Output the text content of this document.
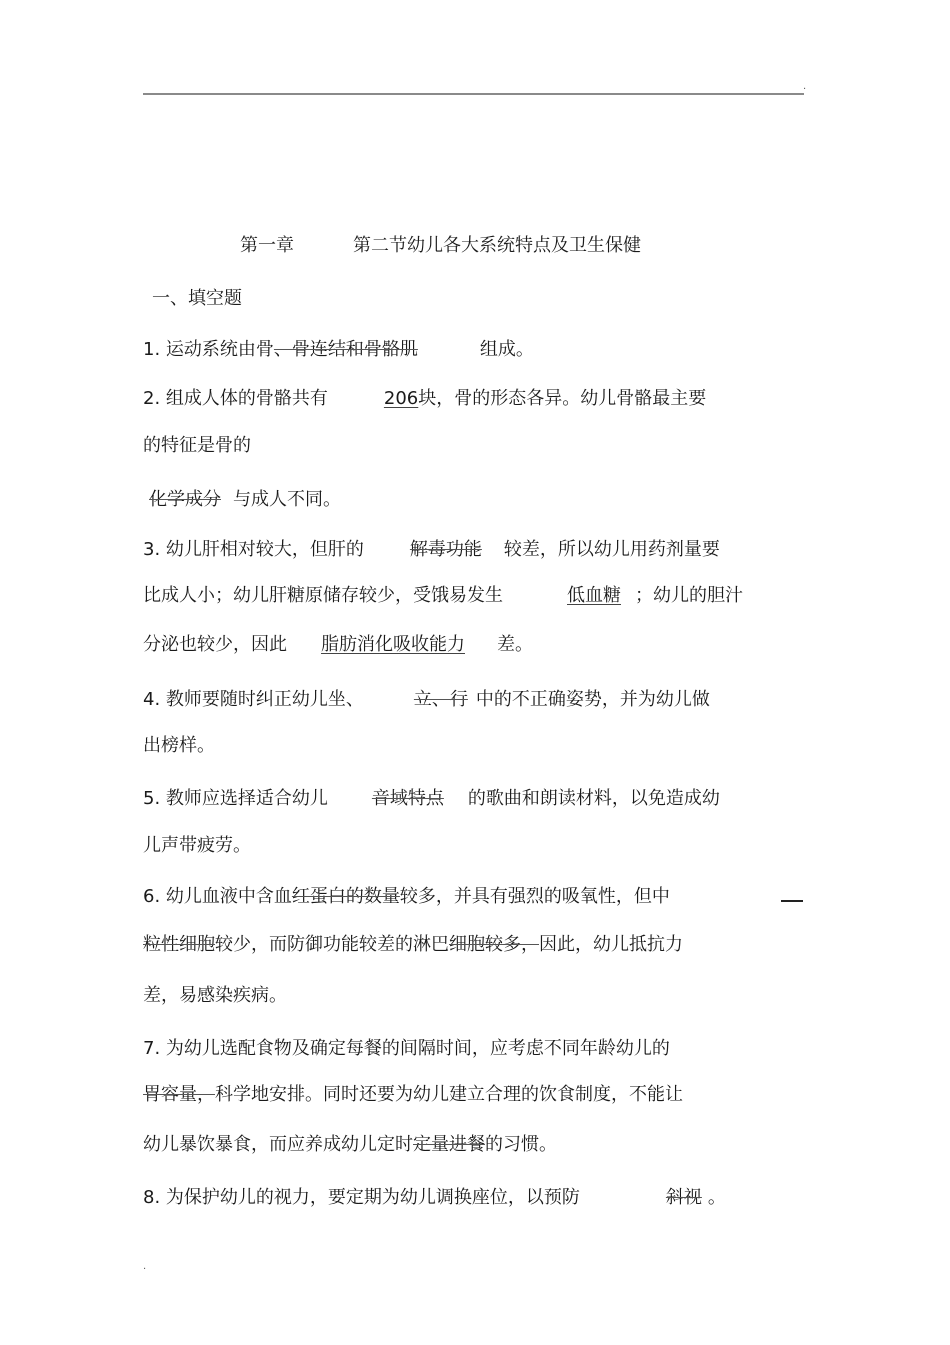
.
第一章	第二节幼儿各大系统特点及卫生保健
一、填空题
1. 运动系统由骨、骨连结和骨骼肌	组成。
2. 组成人体的骨骼共有	206块，骨的形态各异。幼儿骨骼最主要
的特征是骨的
化学成分 与成人不同。
3. 幼儿肝相对较大，但肝的	解毒功能 较差，所以幼儿用药剂量要
比成人小；幼儿肝糖原储存较少，受饿易发生	低血糖 ；幼儿的胆汁
分泌也较少，因此 脂肪消化吸收能力 差。
4. 教师要随时纠正幼儿坐、	立、行 中的不正确姿势，并为幼儿做
出榜样。
5. 教师应选择适合幼儿 音域特点 的歌曲和朗读材料，以免造成幼
儿声带疲劳。
6. 幼儿血液中含血红蛋白的数量较多，并具有强烈的吸氧性，但中
粒性细胞较少，而防御功能较差的淋巴细胞较多，因此，幼儿抵抗力
差，易感染疾病。
7. 为幼儿选配食物及确定每餐的间隔时间，应考虑不同年龄幼儿的
胃容量，科学地安排。同时还要为幼儿建立合理的饮食制度，不能让
幼儿暴饮暴食，而应养成幼儿定时定量进餐的习惯。
8. 为保护幼儿的视力，要定期为幼儿调换座位，以预防	斜视 。
.
